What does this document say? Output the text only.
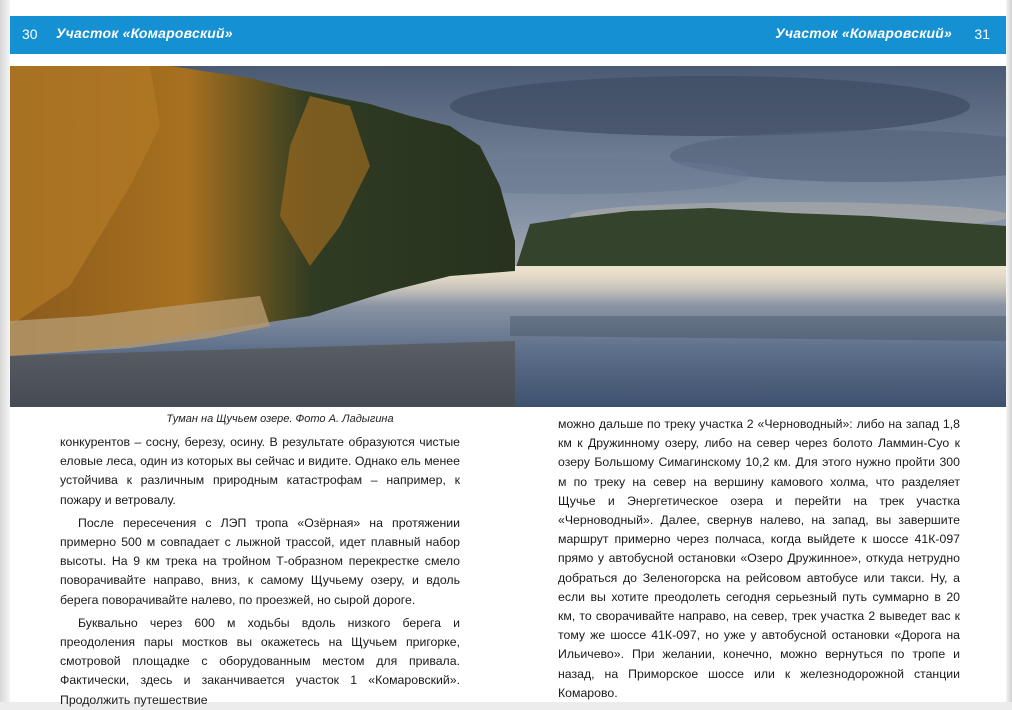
30 Участок «Комаровский»	Участок «Комаровский» 31
Туман на Щучьем озере. Фото А. Ладыгина

конкурентов – сосну, березу, осину. В результате образуются чистые еловые леса, один из которых вы сейчас и видите. Однако ель менее устойчива к различным природным катастрофам – например, к пожару и ветровалу.

После пересечения с ЛЭП тропа «Озёрная» на протяжении примерно 500 м совпадает с лыжной трассой, идет плавный набор высоты. На 9 км трека на тройном Т-образном перекрестке смело поворачивайте направо, вниз, к самому Щучьему озеру, и вдоль берега поворачивайте налево, по проезжей, но сырой дороге.

Буквально через 600 м ходьбы вдоль низкого берега и преодоления пары мостков вы окажетесь на Щучьем пригорке, смотровой площадке с оборудованным местом для привала. Фактически, здесь и заканчивается участок 1 «Комаровский». Продолжить путешествие

можно дальше по треку участка 2 «Черноводный»: либо на запад 1,8 км к Дружинному озеру, либо на север через болото Ламмин-Суо к озеру Большому Симагинскому 10,2 км. Для этого нужно пройти 300 м по треку на север на вершину камового холма, что разделяет Щучье и Энергетическое озера и перейти на трек участка «Черноводный». Далее, свернув налево, на запад, вы завершите маршрут примерно через полчаса, когда выйдете к шоссе 41К-097 прямо у автобусной остановки «Озеро Дружинное», откуда нетрудно добраться до Зеленогорска на рейсовом автобусе или такси. Ну, а если вы хотите преодолеть сегодня серьезный путь суммарно в 20 км, то сворачивайте направо, на север, трек участка 2 выведет вас к тому же шоссе 41К-097, но уже у автобусной остановки «Дорога на Ильичево». При желании, конечно, можно вернуться по тропе и назад, на Приморское шоссе или к железнодорожной станции Комарово.
